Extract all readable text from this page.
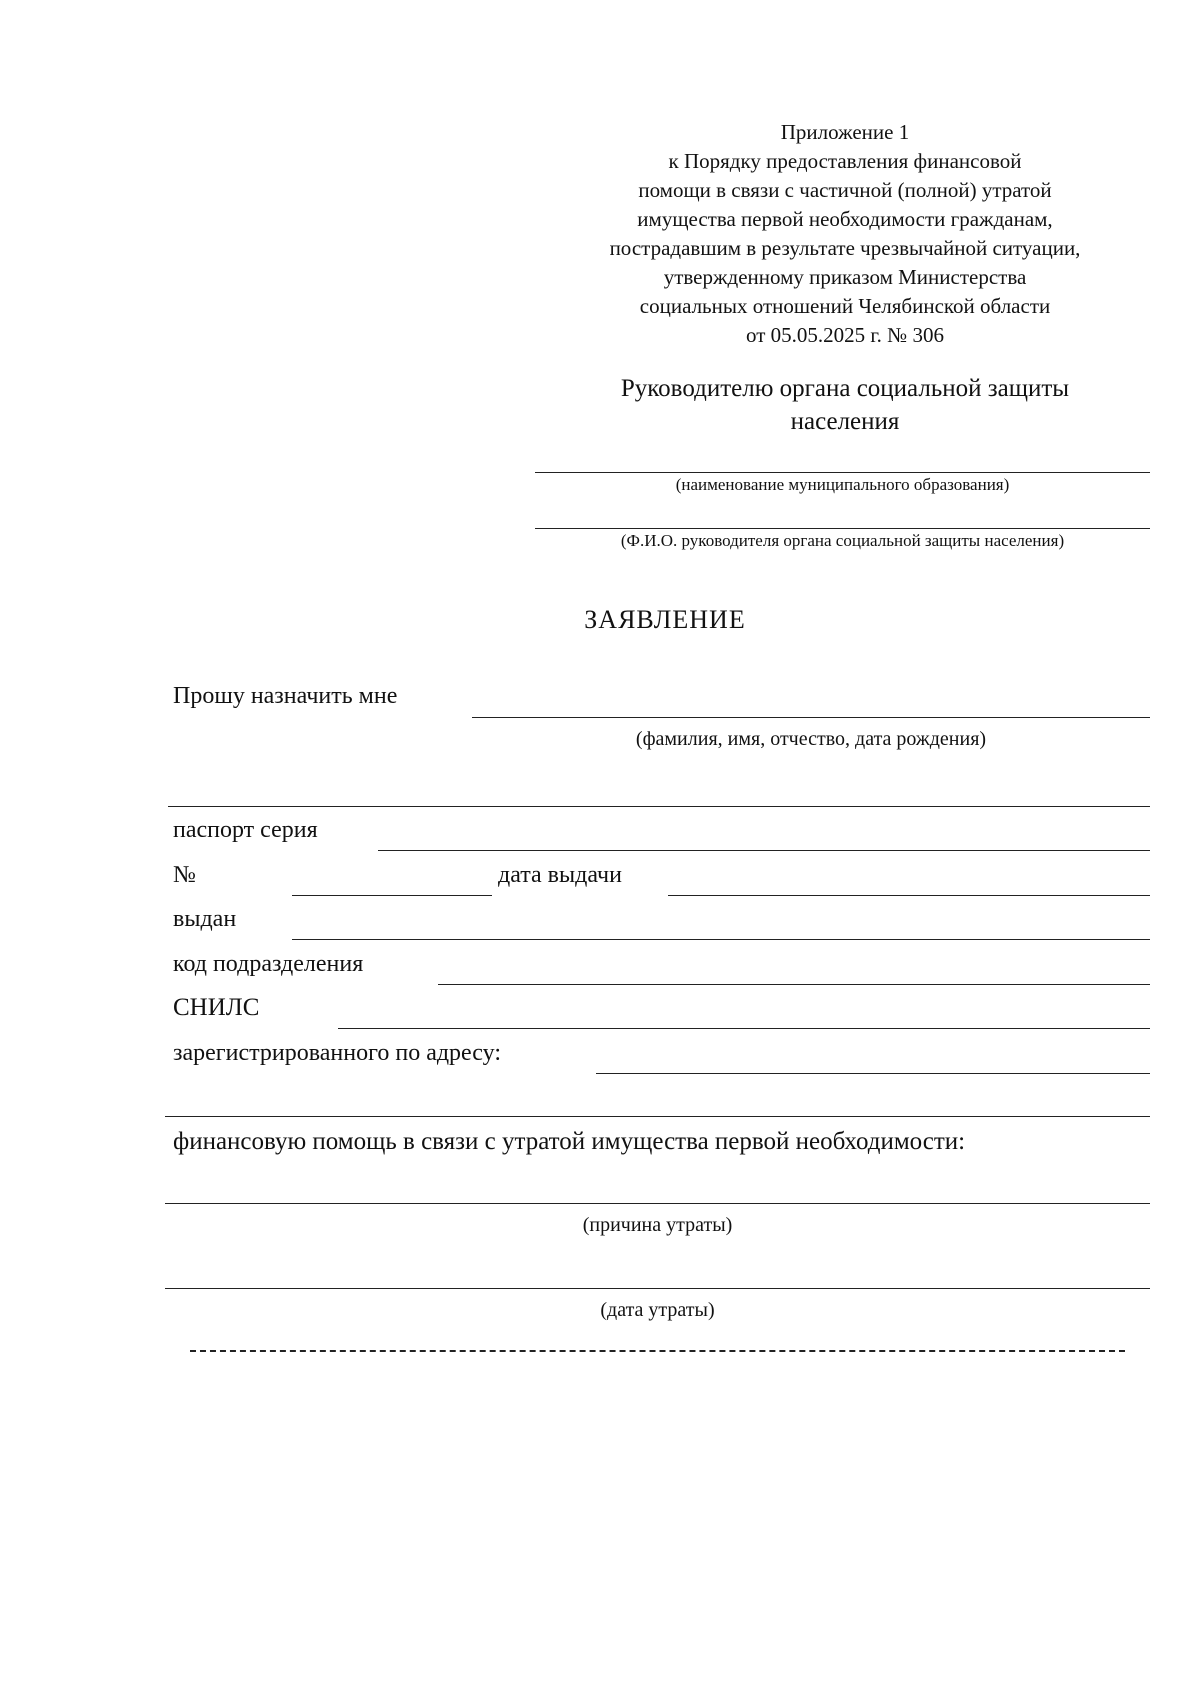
Приложение 1
к Порядку предоставления финансовой
помощи в связи с частичной (полной) утратой
имущества первой необходимости гражданам,
пострадавшим в результате чрезвычайной ситуации,
утвержденному приказом Министерства
социальных отношений Челябинской области
от 05.05.2025 г. № 306
Руководителю органа социальной защиты
населения
(наименование муниципального образования)
(Ф.И.О. руководителя органа социальной защиты населения)
ЗАЯВЛЕНИЕ
Прошу назначить мне
(фамилия, имя, отчество, дата рождения)
паспорт серия
№	дата выдачи
выдан
код подразделения
СНИЛС
зарегистрированного по адресу:
финансовую помощь в связи с утратой имущества первой необходимости:
(причина утраты)
(дата утраты)
